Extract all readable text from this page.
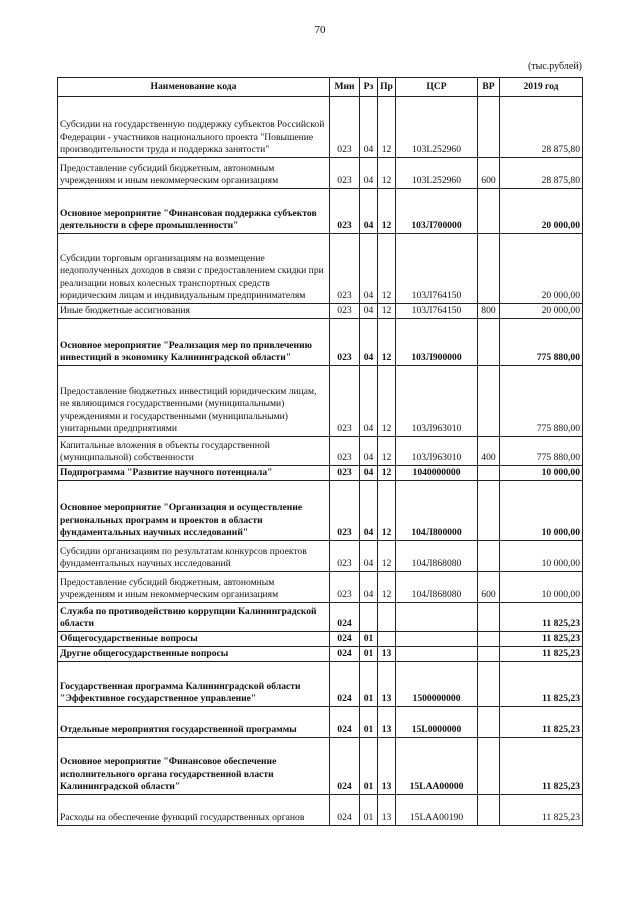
70
(тыс.рублей)
Наименование кода	Мин	Рз	Пр	ЦСР	ВР	2019 год
Субсидии на государственную поддержку субъектов Российской Федерации - участников национального проекта "Повышение производительности труда и поддержка занятости"	023	04	12	103L252960		28 875,80
Предоставление субсидий бюджетным, автономным учреждениям и иным некоммерческим организациям	023	04	12	103L252960	600	28 875,80
Основное мероприятие "Финансовая поддержка субъектов деятельности в сфере промышленности"	023	04	12	103Л700000		20 000,00
Субсидии торговым организациям на возмещение недополученных доходов в связи с предоставлением скидки при реализации новых колесных транспортных средств юридическим лицам и индивидуальным предпринимателям	023	04	12	103Л764150		20 000,00
Иные бюджетные ассигнования	023	04	12	103Л764150	800	20 000,00
Основное мероприятие "Реализация мер по привлечению инвестиций в экономику Калининградской области"	023	04	12	103Л900000		775 880,00
Предоставление бюджетных инвестиций юридическим лицам, не являющимся государственными (муниципальными) учреждениями и государственными (муниципальными) унитарными предприятиями	023	04	12	103Л963010		775 880,00
Капитальные вложения в объекты государственной (муниципальной) собственности	023	04	12	103Л963010	400	775 880,00
Подпрограмма "Развитие научного потенциала"	023	04	12	1040000000		10 000,00
Основное мероприятие "Организация и осуществление региональных программ и проектов в области фундаментальных научных исследований"	023	04	12	104Л800000		10 000,00
Субсидии организациям по результатам конкурсов проектов фундаментальных научных исследований	023	04	12	104Л868080		10 000,00
Предоставление субсидий бюджетным, автономным учреждениям и иным некоммерческим организациям	023	04	12	104Л868080	600	10 000,00
Служба по противодействию коррупции Калининградской области	024					11 825,23
Общегосударственные вопросы	024	01				11 825,23
Другие общегосударственные вопросы	024	01	13			11 825,23
Государственная программа Калининградской области "Эффективное государственное управление"	024	01	13	1500000000		11 825,23
Отдельные мероприятия государственной программы	024	01	13	15L0000000		11 825,23
Основное мероприятие "Финансовое обеспечение исполнительного органа государственной власти Калининградской области"	024	01	13	15LAA00000		11 825,23
Расходы на обеспечение функций государственных органов	024	01	13	15LAA00190		11 825,23
